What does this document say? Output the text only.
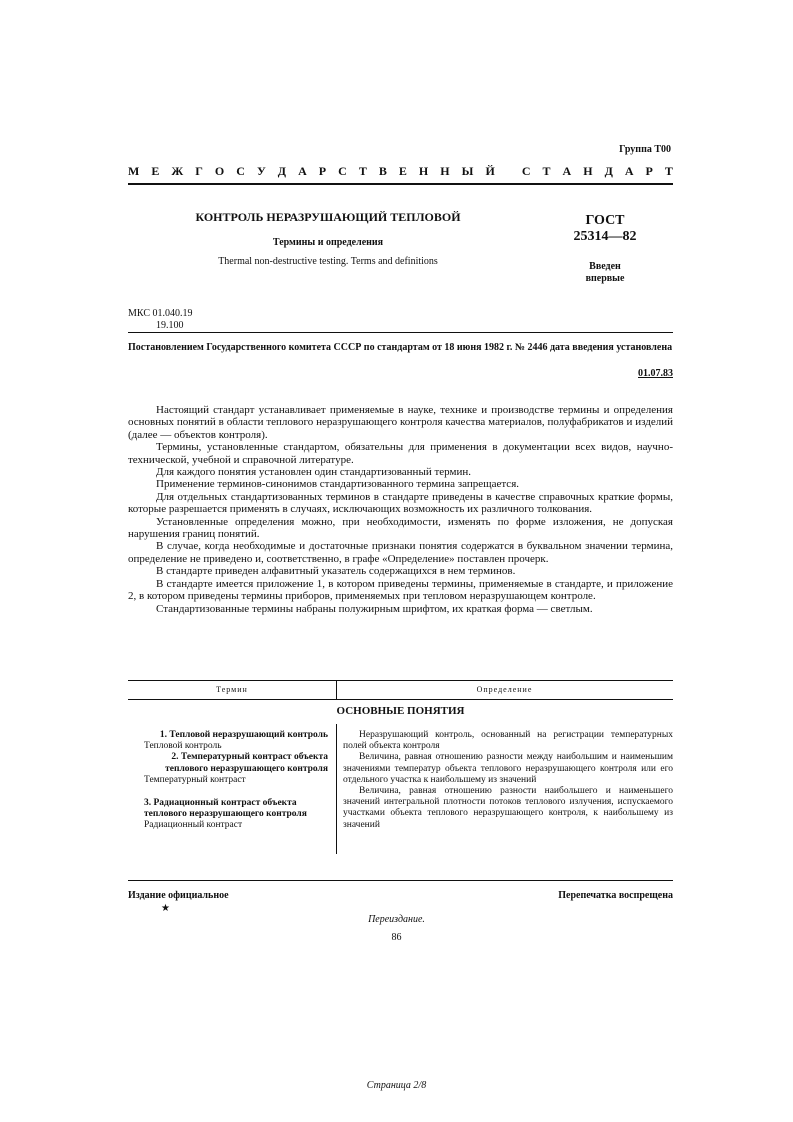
Группа Т00
М Е Ж Г О С У Д А Р С Т В Е Н Н Ы Й
С Т А Н Д А Р Т
КОНТРОЛЬ НЕРАЗРУШАЮЩИЙ ТЕПЛОВОЙ
Термины и определения
Thermal non-destructive testing. Terms and definitions
ГОСТ
25314—82
Введен
впервые
МКС 01.040.19
19.100
Постановлением Государственного комитета СССР по стандартам от 18 июня 1982 г. № 2446 дата введения установлена
01.07.83

Настоящий стандарт устанавливает применяемые в науке, технике и производстве термины и определения основных понятий в области теплового неразрушающего контроля качества материалов, полуфабрикатов и изделий (далее — объектов контроля).

Термины, установленные стандартом, обязательны для применения в документации всех видов, научно-технической, учебной и справочной литературе.

Для каждого понятия установлен один стандартизованный термин.

Применение терминов-синонимов стандартизованного термина запрещается.

Для отдельных стандартизованных терминов в стандарте приведены в качестве справочных краткие формы, которые разрешается применять в случаях, исключающих возможность их различного толкования.

Установленные определения можно, при необходимости, изменять по форме изложения, не допуская нарушения границ понятий.

В случае, когда необходимые и достаточные признаки понятия содержатся в буквальном значении термина, определение не приведено и, соответственно, в графе «Определение» поставлен прочерк.

В стандарте приведен алфавитный указатель содержащихся в нем терминов.

В стандарте имеется приложение 1, в котором приведены термины, применяемые в стандарте, и приложение 2, в котором приведены термины приборов, применяемых при тепловом неразрушающем контроле.

Стандартизованные термины набраны полужирным шрифтом, их краткая форма — светлым.

Термин	Определение
ОСНОВНЫЕ ПОНЯТИЯ
1. Тепловой неразрушающий контроль
Тепловой контроль
2. Температурный контраст объекта теплового неразрушающего контроля
Температурный контраст
3. Радиационный контраст объекта теплового неразрушающего контроля
Радиационный контраст

Неразрушающий контроль, основанный на регистрации температурных полей объекта контроля

Величина, равная отношению разности между наибольшим и наименьшим значениями температур объекта теплового неразрушающего контроля или его отдельного участка к наибольшему из значений

Величина, равная отношению разности наибольшего и наименьшего значений интегральной плотности потоков теплового излучения, испускаемого участками объекта теплового неразрушающего контроля, к наибольшему из значений

Издание официальное	Перепечатка воспрещена
★
Переиздание.
86
Страница 2/8
